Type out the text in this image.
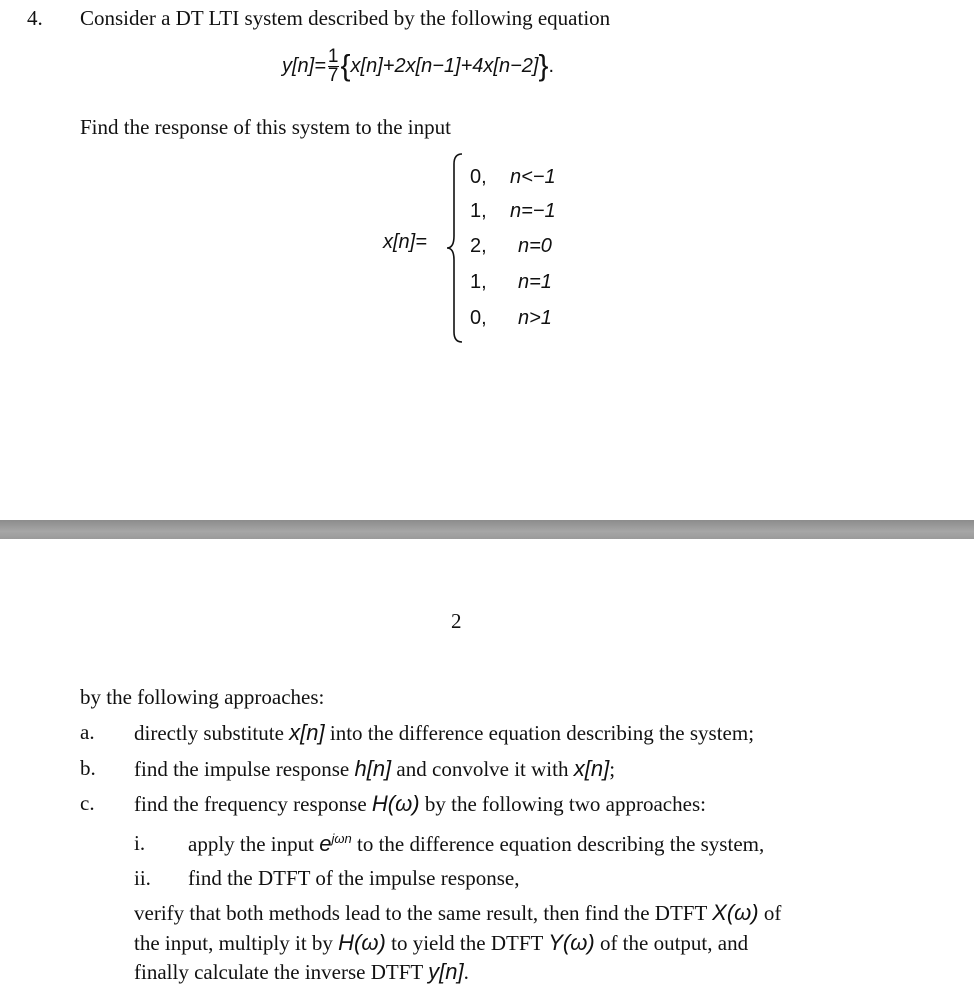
4. Consider a DT LTI system described by the following equation
$y[n]= \frac{1}{7} \{x[n]+2x[n-1]+4x[n-2]\}$.
Find the response of this system to the input
x[n]=
0, n<−1
1, n=−1
2, n=0
1, n=1
0, n>1
2
by the following approaches:
a. directly substitute x[n] into the difference equation describing the system;
b. find the impulse response h[n] and convolve it with x[n];
c. find the frequency response H(ω) by the following two approaches:
i. apply the input $e^{j\omega n}$ to the difference equation describing the system,
ii. find the DTFT of the impulse response,
verify that both methods lead to the same result, then find the DTFT X(ω) of
the input, multiply it by H(ω) to yield the DTFT Y(ω) of the output, and
finally calculate the inverse DTFT y[n].
